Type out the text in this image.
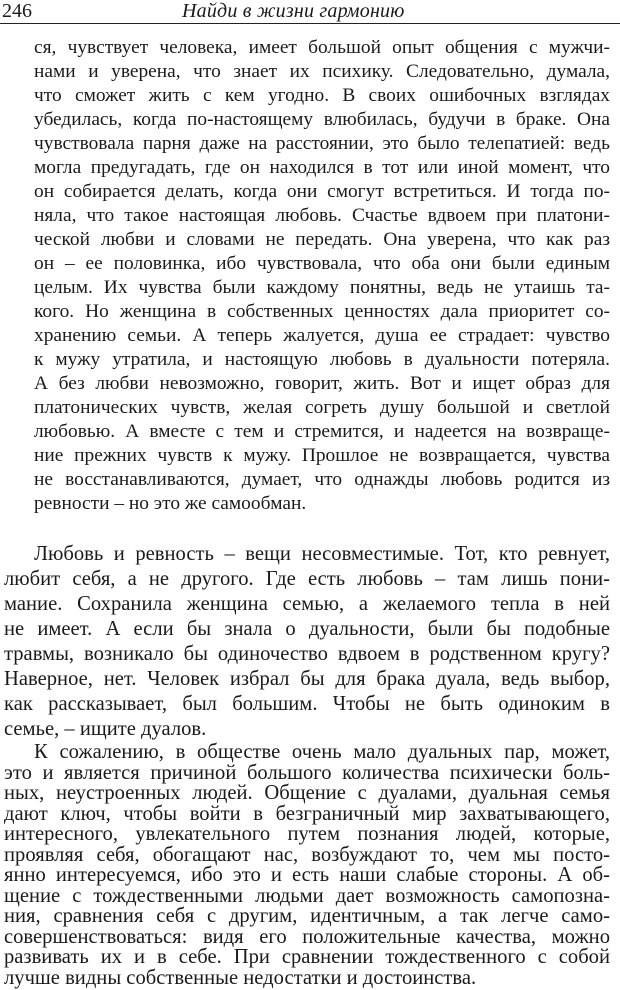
246	Найди в жизни гармонию
ся, чувствует человека, имеет большой опыт общения с мужчи-
нами и уверена, что знает их психику. Следовательно, думала,
что сможет жить с кем угодно. В своих ошибочных взглядах
убедилась, когда по-настоящему влюбилась, будучи в браке. Она
чувствовала парня даже на расстоянии, это было телепатией: ведь
могла предугадать, где он находился в тот или иной момент, что
он собирается делать, когда они смогут встретиться. И тогда по-
няла, что такое настоящая любовь. Счастье вдвоем при платони-
ческой любви и словами не передать. Она уверена, что как раз
он – ее половинка, ибо чувствовала, что оба они были единым
целым. Их чувства были каждому понятны, ведь не утаишь та-
кого. Но женщина в собственных ценностях дала приоритет со-
хранению семьи. А теперь жалуется, душа ее страдает: чувство
к мужу утратила, и настоящую любовь в дуальности потеряла.
А без любви невозможно, говорит, жить. Вот и ищет образ для
платонических чувств, желая согреть душу большой и светлой
любовью. А вместе с тем и стремится, и надеется на возвраще-
ние прежних чувств к мужу. Прошлое не возвращается, чувства
не восстанавливаются, думает, что однажды любовь родится из
ревности – но это же самообман.
Любовь и ревность – вещи несовместимые. Тот, кто ревнует,
любит себя, а не другого. Где есть любовь – там лишь пони-
мание. Сохранила женщина семью, а желаемого тепла в ней
не имеет. А если бы знала о дуальности, были бы подобные
травмы, возникало бы одиночество вдвоем в родственном кругу?
Наверное, нет. Человек избрал бы для брака дуала, ведь выбор,
как рассказывает, был большим. Чтобы не быть одиноким в
семье, – ищите дуалов.
К сожалению, в обществе очень мало дуальных пар, может,
это и является причиной большого количества психически боль-
ных, неустроенных людей. Общение с дуалами, дуальная семья
дают ключ, чтобы войти в безграничный мир захватывающего,
интересного, увлекательного путем познания людей, которые,
проявляя себя, обогащают нас, возбуждают то, чем мы посто-
янно интересуемся, ибо это и есть наши слабые стороны. А об-
щение с тождественными людьми дает возможность самопозна-
ния, сравнения себя с другим, идентичным, а так легче само-
совершенствоваться: видя его положительные качества, можно
развивать их и в себе. При сравнении тождественного с собой
лучше видны собственные недостатки и достоинства.
